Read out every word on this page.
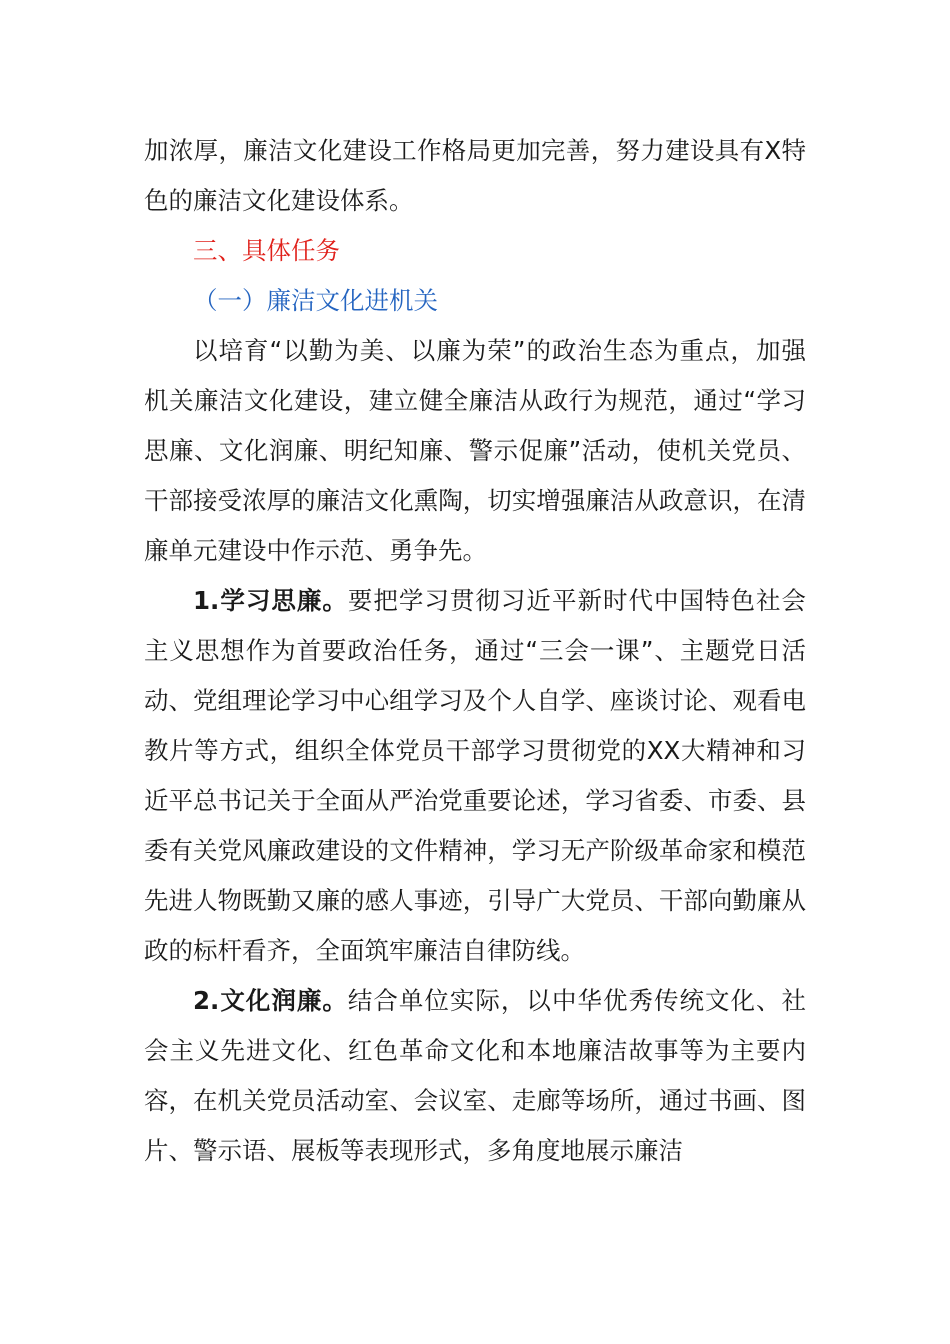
加浓厚，廉洁文化建设工作格局更加完善，努力建设具有X特色的廉洁文化建设体系。

三、具体任务

（一）廉洁文化进机关

以培育“以勤为美、以廉为荣”的政治生态为重点，加强机关廉洁文化建设，建立健全廉洁从政行为规范，通过“学习思廉、文化润廉、明纪知廉、警示促廉”活动，使机关党员、干部接受浓厚的廉洁文化熏陶，切实增强廉洁从政意识，在清廉单元建设中作示范、勇争先。

1.学习思廉。要把学习贯彻习近平新时代中国特色社会主义思想作为首要政治任务，通过“三会一课”、主题党日活动、党组理论学习中心组学习及个人自学、座谈讨论、观看电教片等方式，组织全体党员干部学习贯彻党的XX大精神和习近平总书记关于全面从严治党重要论述，学习省委、市委、县委有关党风廉政建设的文件精神，学习无产阶级革命家和模范先进人物既勤又廉的感人事迹，引导广大党员、干部向勤廉从政的标杆看齐，全面筑牢廉洁自律防线。

2.文化润廉。结合单位实际，以中华优秀传统文化、社会主义先进文化、红色革命文化和本地廉洁故事等为主要内容，在机关党员活动室、会议室、走廊等场所，通过书画、图片、警示语、展板等表现形式，多角度地展示廉洁
